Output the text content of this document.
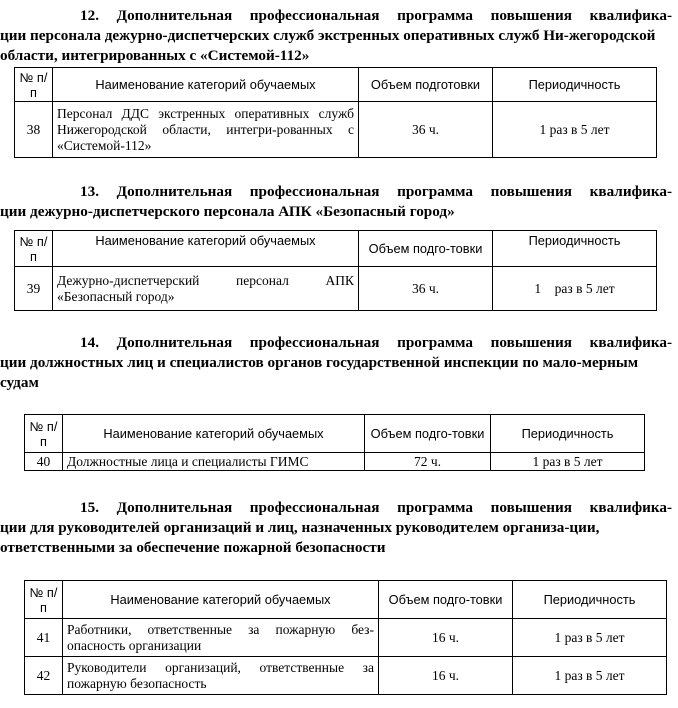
12. Дополнительная профессиональная программа повышения квалифика-
ции персонала дежурно-диспетчерских служб экстренных оперативных служб Ни-жегородской области, интегрированных с «Системой-112»
№ п/п	Наименование категорий обучаемых	Объем подготовки	Периодичность
38	Персонал ДДС экстренных оперативных служб Нижегородской области, интегри-рованных с «Системой-112»	36 ч.	1 раз в 5 лет
13. Дополнительная профессиональная программа повышения квалифика-
ции дежурно-диспетчерского персонала АПК «Безопасный город»
№ п/п	Наименование категорий обучаемых	Объем подго-товки	Периодичность
39	Дежурно-диспетчерский персонал АПК «Безопасный город»	36 ч.	1    раз в 5 лет
14. Дополнительная профессиональная программа повышения квалифика-
ции должностных лиц и специалистов органов государственной инспекции по мало-мерным судам
№ п/п	Наименование категорий обучаемых	Объем подго-товки	Периодичность
40	Должностные лица и специалисты ГИМС	72 ч.	1 раз в 5 лет
15. Дополнительная профессиональная программа повышения квалифика-
ции для руководителей организаций и лиц, назначенных руководителем организа-ции, ответственными за обеспечение пожарной безопасности
№ п/п	Наименование категорий обучаемых	Объем подго-товки	Периодичность
41	Работники, ответственные за пожарную без-опасность организации	16 ч.	1 раз в 5 лет
42	Руководители организаций, ответственные за пожарную безопасность	16 ч.	1 раз в 5 лет
